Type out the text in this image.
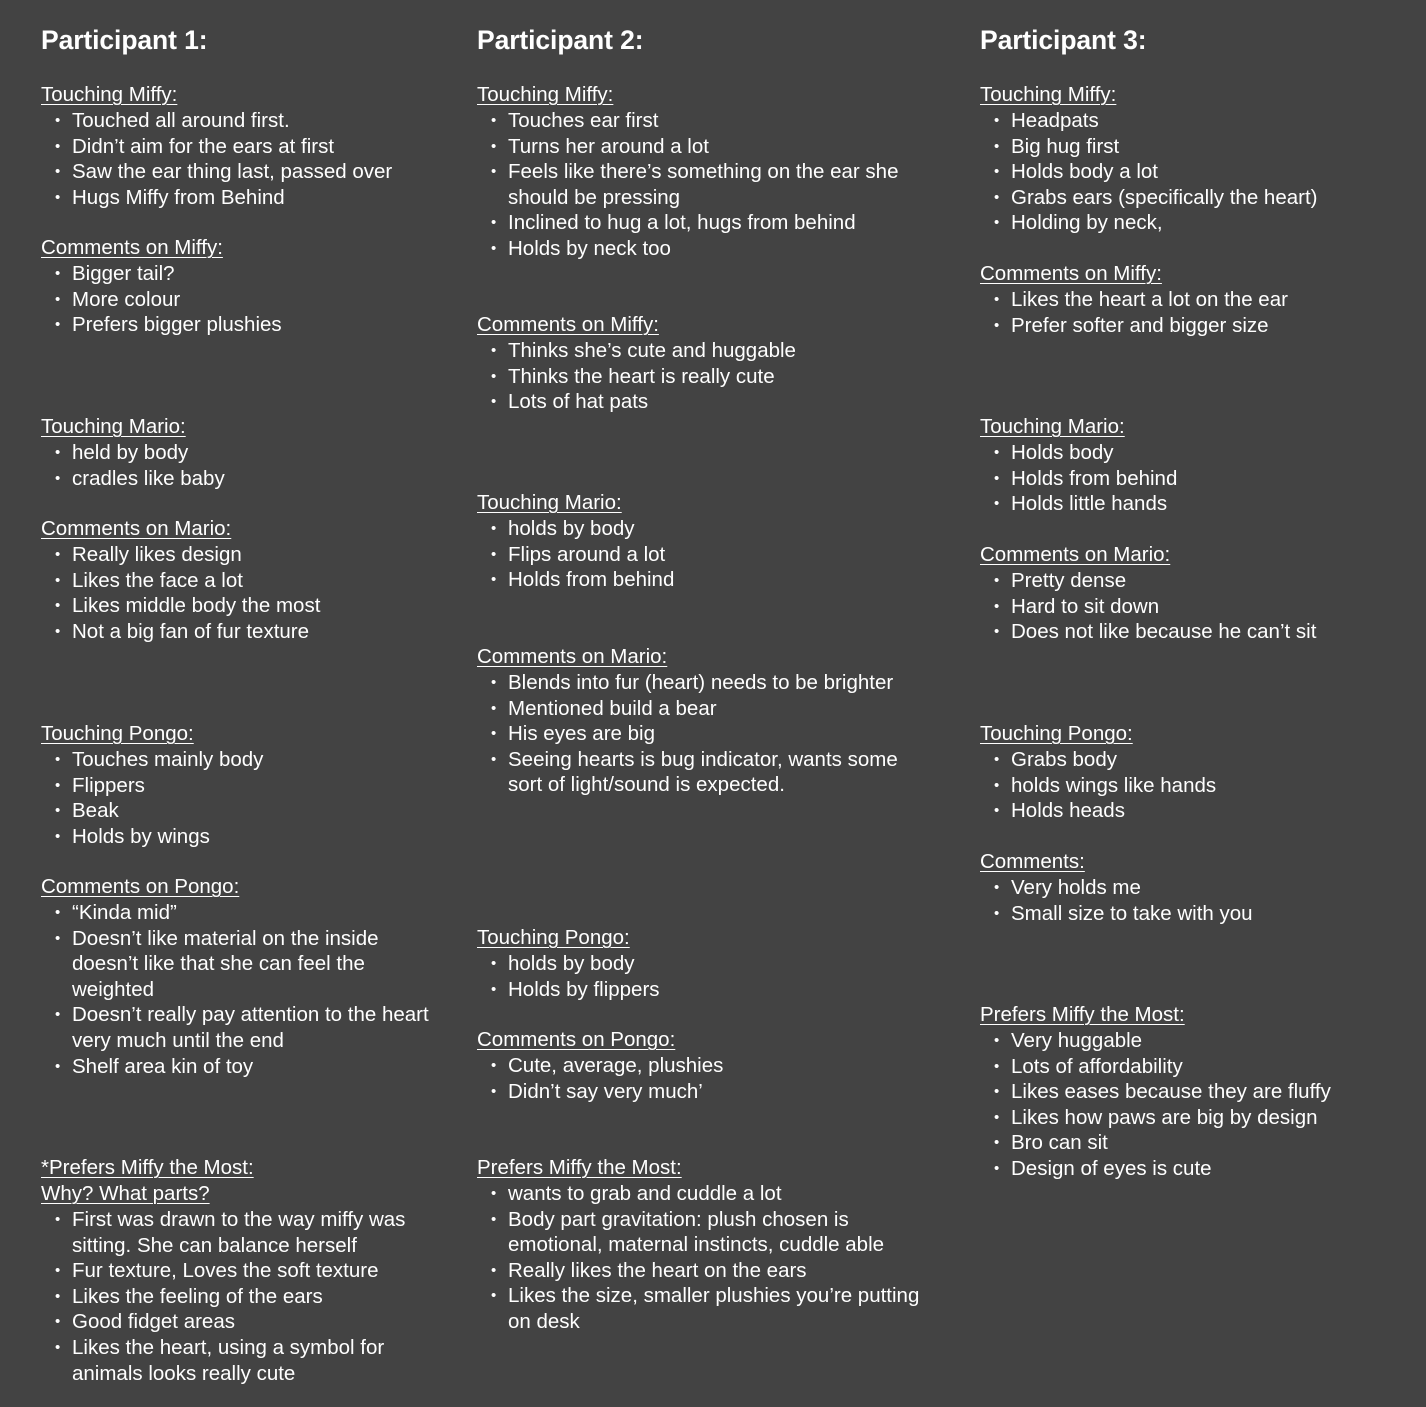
Participant 1:
Touching Miffy:
• Touched all around first.
• Didn’t aim for the ears at first
• Saw the ear thing last, passed over
• Hugs Miffy from Behind
Comments on Miffy:
• Bigger tail?
• More colour
• Prefers bigger plushies
Touching Mario:
• held by body
• cradles like baby
Comments on Mario:
• Really likes design
• Likes the face a lot
• Likes middle body the most
• Not a big fan of fur texture
Touching Pongo:
• Touches mainly body
• Flippers
• Beak
• Holds by wings
Comments on Pongo:
• “Kinda mid”
• Doesn’t like material on the inside doesn’t like that she can feel the weighted
• Doesn’t really pay attention to the heart very much until the end
• Shelf area kin of toy
*Prefers Miffy the Most:
Why? What parts?
• First was drawn to the way miffy was sitting. She can balance herself
• Fur texture, Loves the soft texture
• Likes the feeling of the ears
• Good fidget areas
• Likes the heart, using a symbol for animals looks really cute
Participant 2:
Touching Miffy:
• Touches ear first
• Turns her around a lot
• Feels like there’s something on the ear she should be pressing
• Inclined to hug a lot, hugs from behind
• Holds by neck too
Comments on Miffy:
• Thinks she’s cute and huggable
• Thinks the heart is really cute
• Lots of hat pats
Touching Mario:
• holds by body
• Flips around a lot
• Holds from behind
Comments on Mario:
• Blends into fur (heart) needs to be brighter
• Mentioned build a bear
• His eyes are big
• Seeing hearts is bug indicator, wants some sort of light/sound is expected.
Touching Pongo:
• holds by body
• Holds by flippers
Comments on Pongo:
• Cute, average, plushies
• Didn’t say very much’
Prefers Miffy the Most:
• wants to grab and cuddle a lot
• Body part gravitation: plush chosen is emotional, maternal instincts, cuddle able
• Really likes the heart on the ears
• Likes the size, smaller plushies you’re putting on desk
Participant 3:
Touching Miffy:
• Headpats
• Big hug first
• Holds body a lot
• Grabs ears (specifically the heart)
• Holding by neck,
Comments on Miffy:
• Likes the heart a lot on the ear
• Prefer softer and bigger size
Touching Mario:
• Holds body
• Holds from behind
• Holds little hands
Comments on Mario:
• Pretty dense
• Hard to sit down
• Does not like because he can’t sit
Touching Pongo:
• Grabs body
• holds wings like hands
• Holds heads
Comments:
• Very holds me
• Small size to take with you
Prefers Miffy the Most:
• Very huggable
• Lots of affordability
• Likes eases because they are fluffy
• Likes how paws are big by design
• Bro can sit
• Design of eyes is cute
